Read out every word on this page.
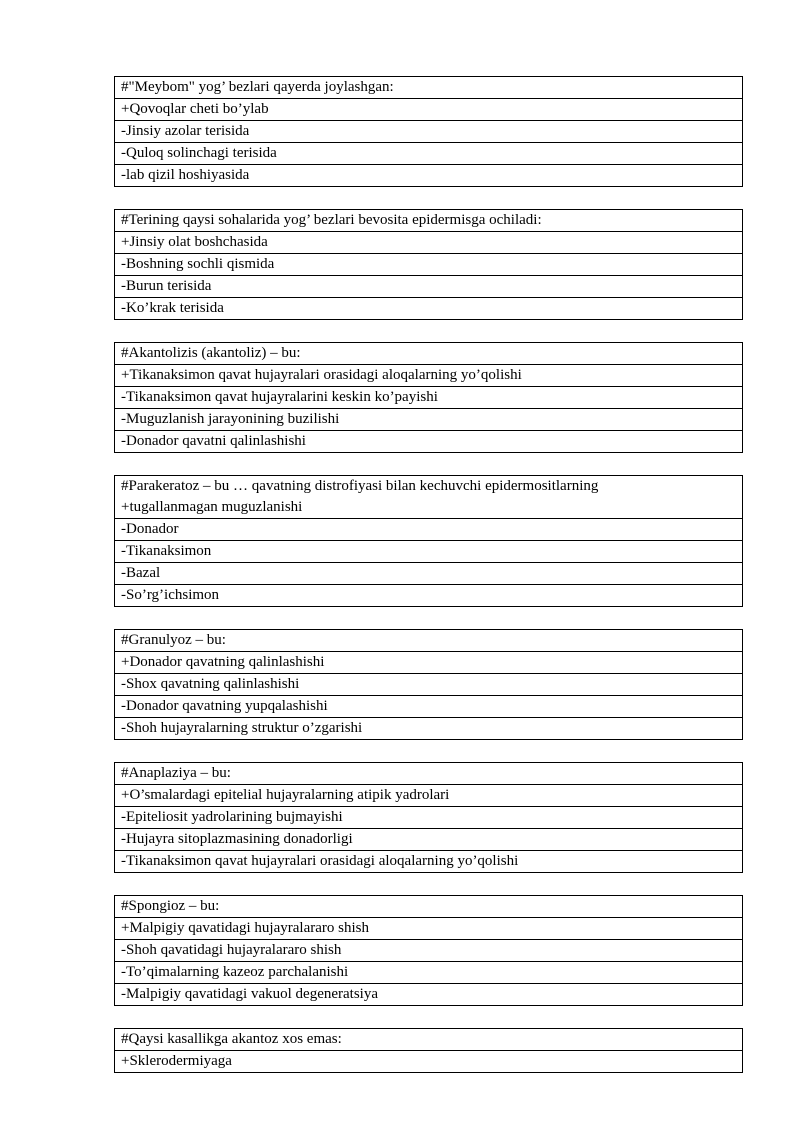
#"Meybom" yog’ bezlari qayerda joylashgan:
+Qovoqlar cheti bo’ylab
-Jinsiy azolar terisida
-Quloq solinchagi terisida
-lab qizil hoshiyasida
#Terining qaysi sohalarida yog’ bezlari bevosita epidermisga ochiladi:
+Jinsiy olat boshchasida
-Boshning sochli qismida
-Burun terisida
-Ko’krak terisida
#Akantolizis (akantoliz) – bu:
+Tikanaksimon qavat hujayralari orasidagi aloqalarning yo’qolishi
-Tikanaksimon qavat hujayralarini keskin ko’payishi
-Muguzlanish jarayonining buzilishi
-Donador qavatni qalinlashishi
#Parakeratoz – bu … qavatning distrofiyasi bilan kechuvchi epidermositlarning
+tugallanmagan muguzlanishi

-Donador
-Tikanaksimon
-Bazal
-So’rg’ichsimon
#Granulyoz – bu:
+Donador qavatning qalinlashishi
-Shox qavatning qalinlashishi
-Donador qavatning yupqalashishi
-Shoh hujayralarning struktur o’zgarishi
#Anaplaziya – bu:
+O’smalardagi epitelial hujayralarning atipik yadrolari
-Epiteliosit yadrolarining bujmayishi
-Hujayra sitoplazmasining donadorligi
-Tikanaksimon qavat hujayralari orasidagi aloqalarning yo’qolishi
#Spongioz – bu:
+Malpigiy qavatidagi hujayralararo shish
-Shoh qavatidagi hujayralararo shish
-To’qimalarning kazeoz parchalanishi
-Malpigiy qavatidagi vakuol degeneratsiya
#Qaysi kasallikga akantoz xos emas:
+Sklerodermiyaga
